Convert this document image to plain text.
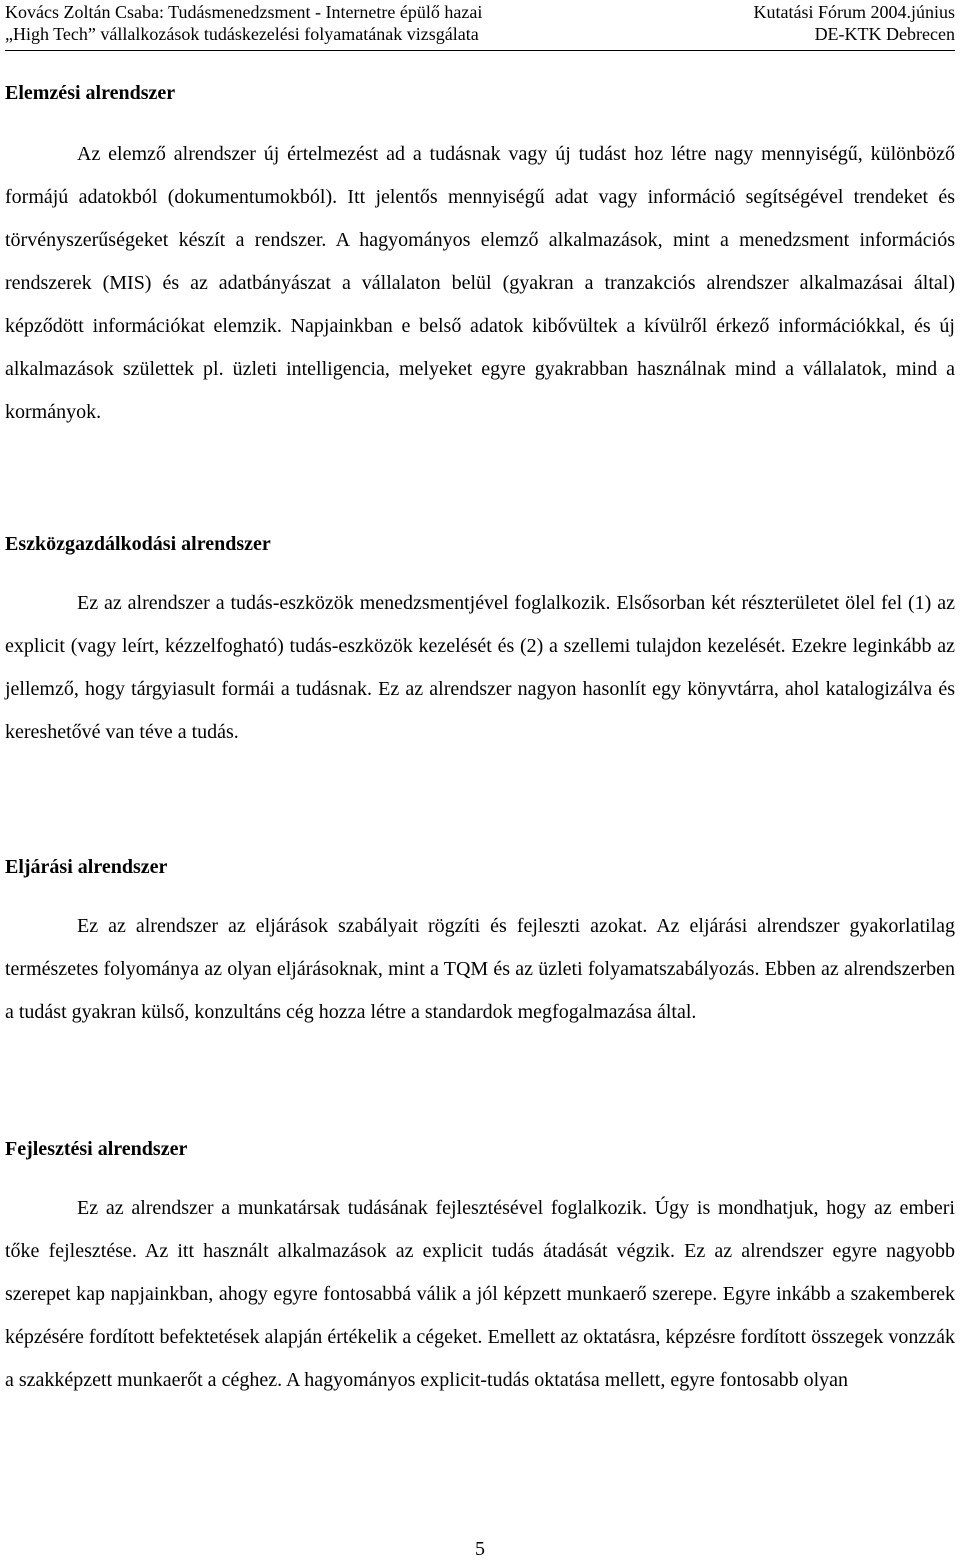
Kovács Zoltán Csaba: Tudásmenedzsment - Internetre épülő hazai
„High Tech” vállalkozások tudáskezelési folyamatának vizsgálata
Kutatási Fórum 2004.június
DE-KTK Debrecen
Elemzési alrendszer

Az elemző alrendszer új értelmezést ad a tudásnak vagy új tudást hoz létre nagy mennyiségű, különböző formájú adatokból (dokumentumokból). Itt jelentős mennyiségű adat vagy információ segítségével trendeket és törvényszerűségeket készít a rendszer. A hagyományos elemző alkalmazások, mint a menedzsment információs rendszerek (MIS) és az adatbányászat a vállalaton belül (gyakran a tranzakciós alrendszer alkalmazásai által) képződött információkat elemzik. Napjainkban e belső adatok kibővültek a kívülről érkező információkkal, és új alkalmazások születtek pl. üzleti intelligencia, melyeket egyre gyakrabban használnak mind a vállalatok, mind a kormányok.

Eszközgazdálkodási alrendszer

Ez az alrendszer a tudás-eszközök menedzsmentjével foglalkozik. Elsősorban két részterületet ölel fel (1) az explicit (vagy leírt, kézzelfogható) tudás-eszközök kezelését és (2) a szellemi tulajdon kezelését. Ezekre leginkább az jellemző, hogy tárgyiasult formái a tudásnak. Ez az alrendszer nagyon hasonlít egy könyvtárra, ahol katalogizálva és kereshetővé van téve a tudás.

Eljárási alrendszer

Ez az alrendszer az eljárások szabályait rögzíti és fejleszti azokat. Az eljárási alrendszer gyakorlatilag természetes folyománya az olyan eljárásoknak, mint a TQM és az üzleti folyamatszabályozás. Ebben az alrendszerben a tudást gyakran külső, konzultáns cég hozza létre a standardok megfogalmazása által.

Fejlesztési alrendszer

Ez az alrendszer a munkatársak tudásának fejlesztésével foglalkozik. Úgy is mondhatjuk, hogy az emberi tőke fejlesztése. Az itt használt alkalmazások az explicit tudás átadását végzik. Ez az alrendszer egyre nagyobb szerepet kap napjainkban, ahogy egyre fontosabbá válik a jól képzett munkaerő szerepe. Egyre inkább a szakemberek képzésére fordított befektetések alapján értékelik a cégeket. Emellett az oktatásra, képzésre fordított összegek vonzzák a szakképzett munkaerőt a céghez. A hagyományos explicit-tudás oktatása mellett, egyre fontosabb olyan

5
